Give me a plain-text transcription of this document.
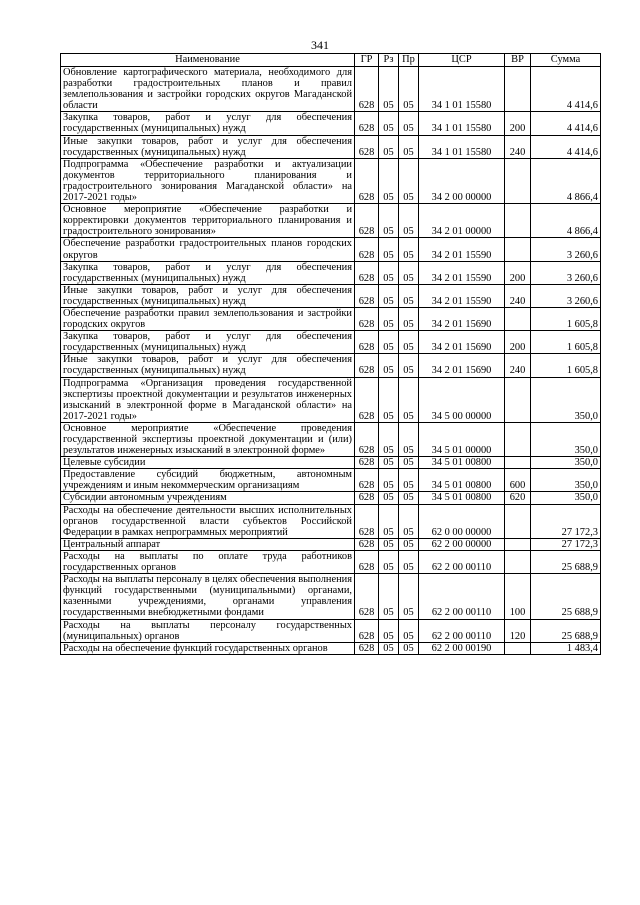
341
Наименование	ГР	Рз	Пр	ЦСР	ВР	Сумма
Обновление картографического материала, необходимого для разработки градостроительных планов и правил землепользования и застройки городских округов Магаданской области	628	05	05	34 1 01 15580		4 414,6
Закупка товаров, работ и услуг для обеспечения государственных (муниципальных) нужд	628	05	05	34 1 01 15580	200	4 414,6
Иные закупки товаров, работ и услуг для обеспечения государственных (муниципальных) нужд	628	05	05	34 1 01 15580	240	4 414,6
Подпрограмма «Обеспечение разработки и актуализации документов территориального планирования и градостроительного зонирования Магаданской области» на 2017-2021 годы»	628	05	05	34 2 00 00000		4 866,4
Основное мероприятие «Обеспечение разработки и корректировки документов территориального планирования и градостроительного зонирования»	628	05	05	34 2 01 00000		4 866,4
Обеспечение разработки градостроительных планов городских округов	628	05	05	34 2 01 15590		3 260,6
Закупка товаров, работ и услуг для обеспечения государственных (муниципальных) нужд	628	05	05	34 2 01 15590	200	3 260,6
Иные закупки товаров, работ и услуг для обеспечения государственных (муниципальных) нужд	628	05	05	34 2 01 15590	240	3 260,6
Обеспечение разработки правил землепользования и застройки городских округов	628	05	05	34 2 01 15690		1 605,8
Закупка товаров, работ и услуг для обеспечения государственных (муниципальных) нужд	628	05	05	34 2 01 15690	200	1 605,8
Иные закупки товаров, работ и услуг для обеспечения государственных (муниципальных) нужд	628	05	05	34 2 01 15690	240	1 605,8
Подпрограмма «Организация проведения государственной экспертизы проектной документации и результатов инженерных изысканий в электронной форме в Магаданской области» на 2017-2021 годы»	628	05	05	34 5 00 00000		350,0
Основное мероприятие «Обеспечение проведения государственной экспертизы проектной документации и (или) результатов инженерных изысканий в электронной форме»	628	05	05	34 5 01 00000		350,0
Целевые субсидии	628	05	05	34 5 01 00800		350,0
Предоставление субсидий бюджетным, автономным учреждениям и иным некоммерческим организациям	628	05	05	34 5 01 00800	600	350,0
Субсидии автономным учреждениям	628	05	05	34 5 01 00800	620	350,0
Расходы на обеспечение деятельности высших исполнительных органов государственной власти субъектов Российской Федерации в рамках непрограммных мероприятий	628	05	05	62 0 00 00000		27 172,3
Центральный аппарат	628	05	05	62 2 00 00000		27 172,3
Расходы на выплаты по оплате труда работников государственных органов	628	05	05	62 2 00 00110		25 688,9
Расходы на выплаты персоналу в целях обеспечения выполнения функций государственными (муниципальными) органами, казенными учреждениями, органами управления государственными внебюджетными фондами	628	05	05	62 2 00 00110	100	25 688,9
Расходы на выплаты персоналу государственных (муниципальных) органов	628	05	05	62 2 00 00110	120	25 688,9
Расходы на обеспечение функций государственных органов	628	05	05	62 2 00 00190		1 483,4
